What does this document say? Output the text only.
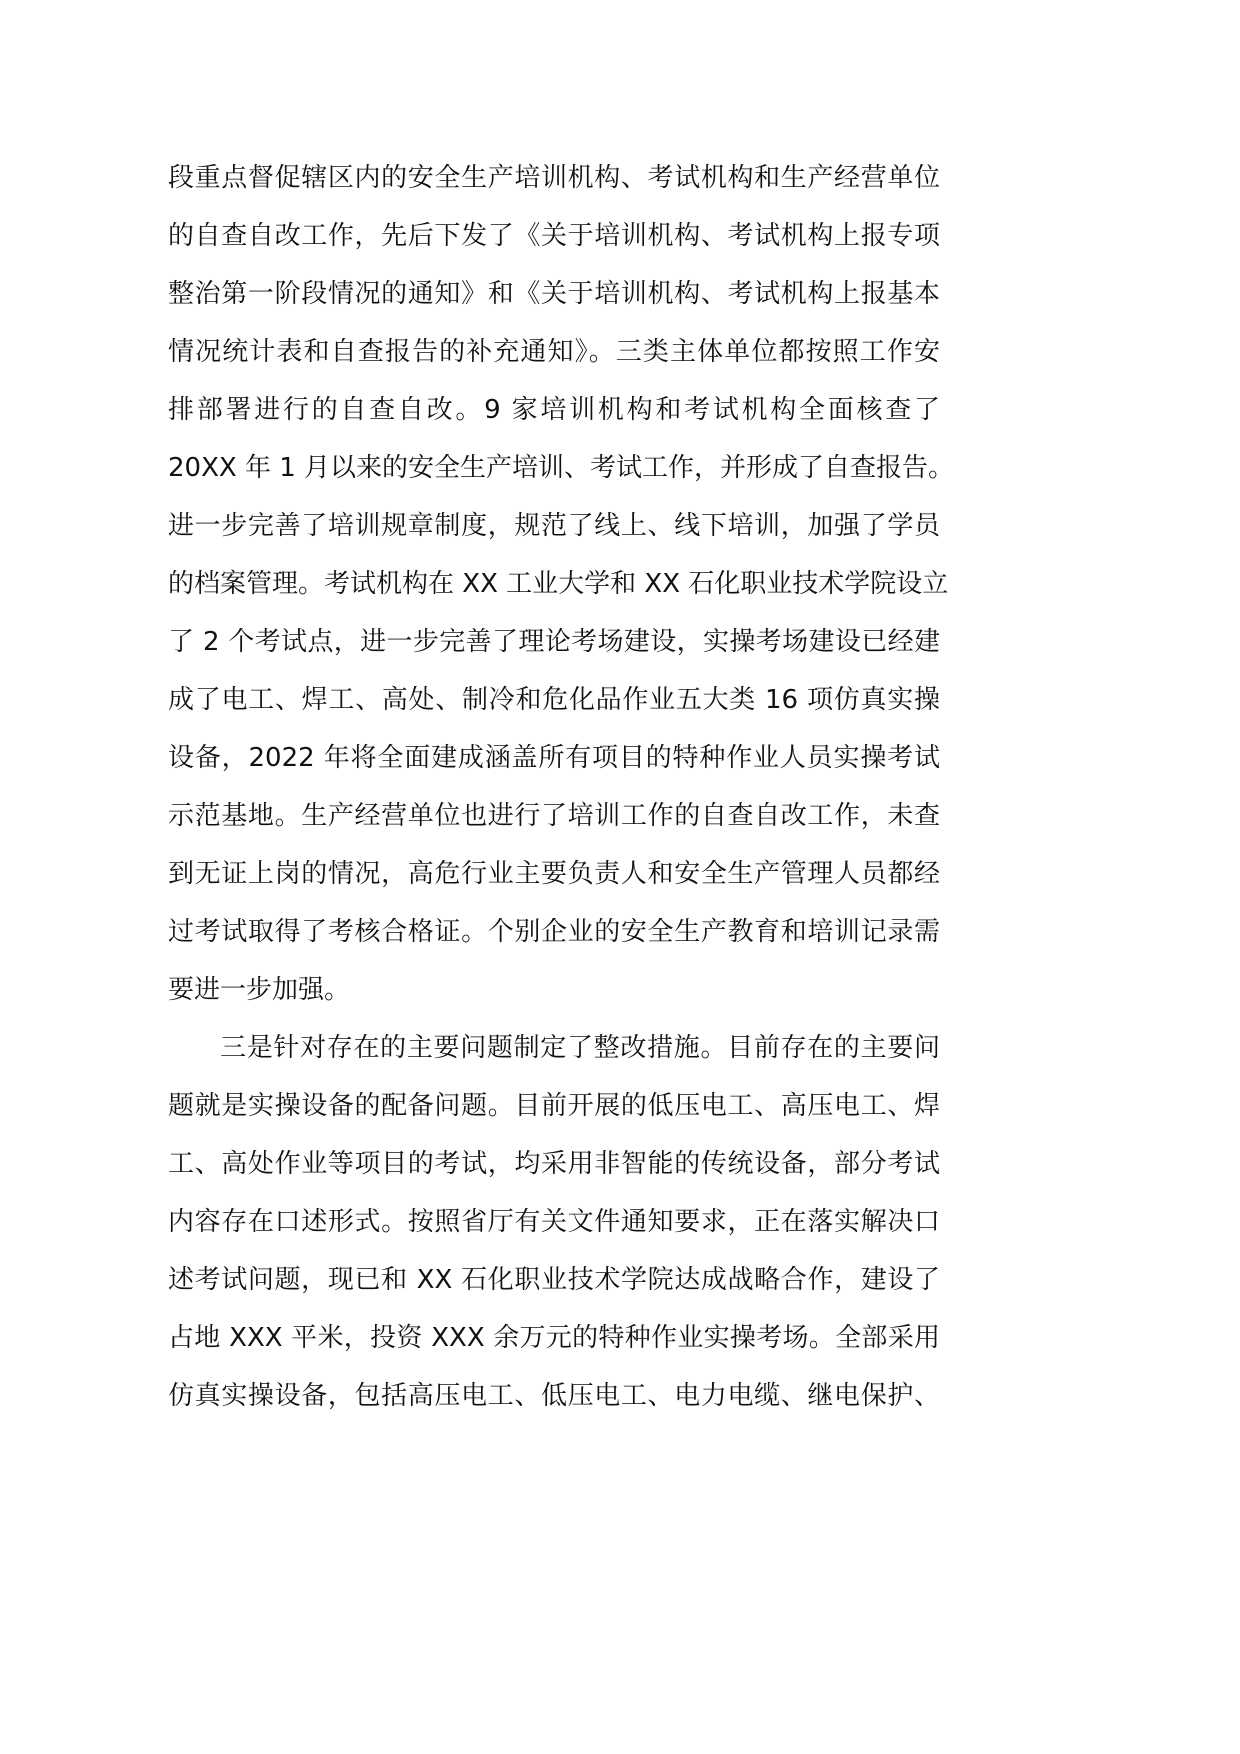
段重点督促辖区内的安全生产培训机构、考试机构和生产经营单位
的自查自改工作，先后下发了《关于培训机构、考试机构上报专项
整治第一阶段情况的通知》和《关于培训机构、考试机构上报基本
情况统计表和自查报告的补充通知》。三类主体单位都按照工作安
排部署进行的自查自改。9 家培训机构和考试机构全面核查了
20XX 年 1 月以来的安全生产培训、考试工作，并形成了自查报告。
进一步完善了培训规章制度，规范了线上、线下培训，加强了学员
的档案管理。考试机构在 XX 工业大学和 XX 石化职业技术学院设立
了 2 个考试点，进一步完善了理论考场建设，实操考场建设已经建
成了电工、焊工、高处、制冷和危化品作业五大类 16 项仿真实操
设备，2022 年将全面建成涵盖所有项目的特种作业人员实操考试
示范基地。生产经营单位也进行了培训工作的自查自改工作，未查
到无证上岗的情况，高危行业主要负责人和安全生产管理人员都经
过考试取得了考核合格证。个别企业的安全生产教育和培训记录需
要进一步加强。
三是针对存在的主要问题制定了整改措施。目前存在的主要问
题就是实操设备的配备问题。目前开展的低压电工、高压电工、焊
工、高处作业等项目的考试，均采用非智能的传统设备，部分考试
内容存在口述形式。按照省厅有关文件通知要求，正在落实解决口
述考试问题，现已和 XX 石化职业技术学院达成战略合作，建设了
占地 XXX 平米，投资 XXX 余万元的特种作业实操考场。全部采用
仿真实操设备，包括高压电工、低压电工、电力电缆、继电保护、
